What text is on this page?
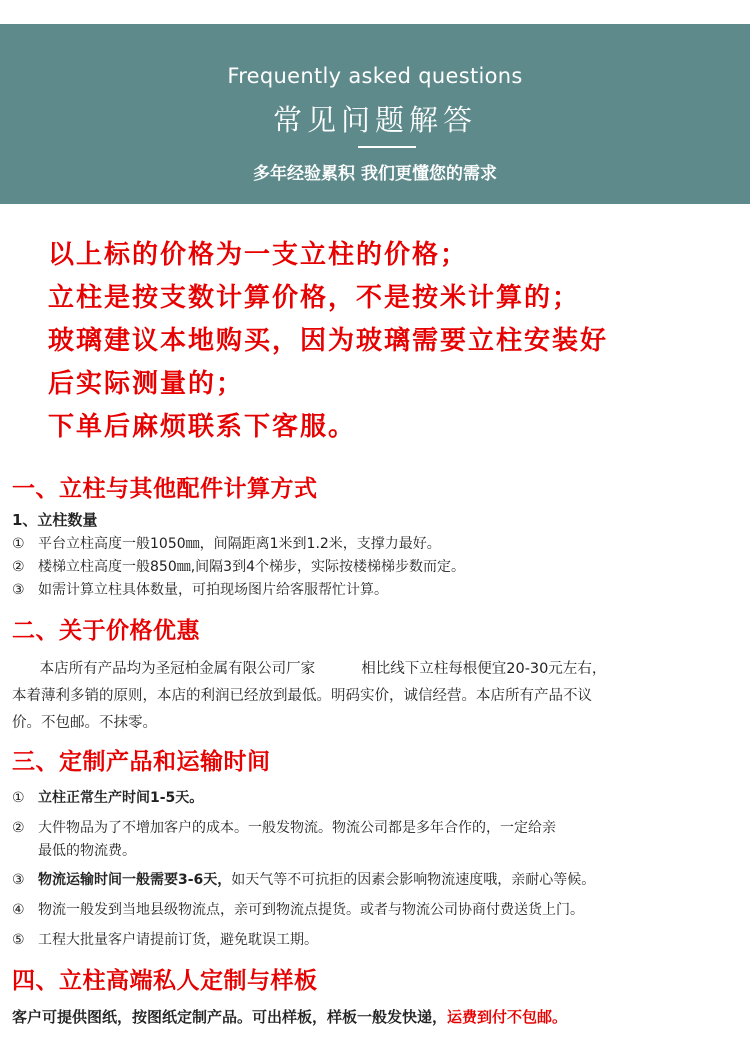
Frequently asked questions
常见问题解答
多年经验累积 我们更懂您的需求
以上标的价格为一支立柱的价格；
立柱是按支数计算价格，不是按米计算的；
玻璃建议本地购买，因为玻璃需要立柱安装好
后实际测量的；
下单后麻烦联系下客服。
一、立柱与其他配件计算方式
1、立柱数量
① 平台立柱高度一般1050㎜，间隔距离1米到1.2米，支撑力最好。
② 楼梯立柱高度一般850㎜,间隔3到4个梯步，实际按楼梯梯步数而定。
③ 如需计算立柱具体数量，可拍现场图片给客服帮忙计算。
二、关于价格优惠
本店所有产品均为圣冠柏金属有限公司厂家          相比线下立柱每根便宜20-30元左右，
本着薄利多销的原则，本店的利润已经放到最低。明码实价，诚信经营。本店所有产品不议
价。不包邮。不抹零。
三、定制产品和运输时间
① 立柱正常生产时间1-5天。
② 大件物品为了不增加客户的成本。一般发物流。物流公司都是多年合作的，一定给亲
最低的物流费。
③ 物流运输时间一般需要3-6天，如天气等不可抗拒的因素会影响物流速度哦，亲耐心等候。
④ 物流一般发到当地县级物流点，亲可到物流点提货。或者与物流公司协商付费送货上门。
⑤ 工程大批量客户请提前订货，避免耽误工期。
四、立柱高端私人定制与样板
客户可提供图纸，按图纸定制产品。可出样板，样板一般发快递，运费到付不包邮。
